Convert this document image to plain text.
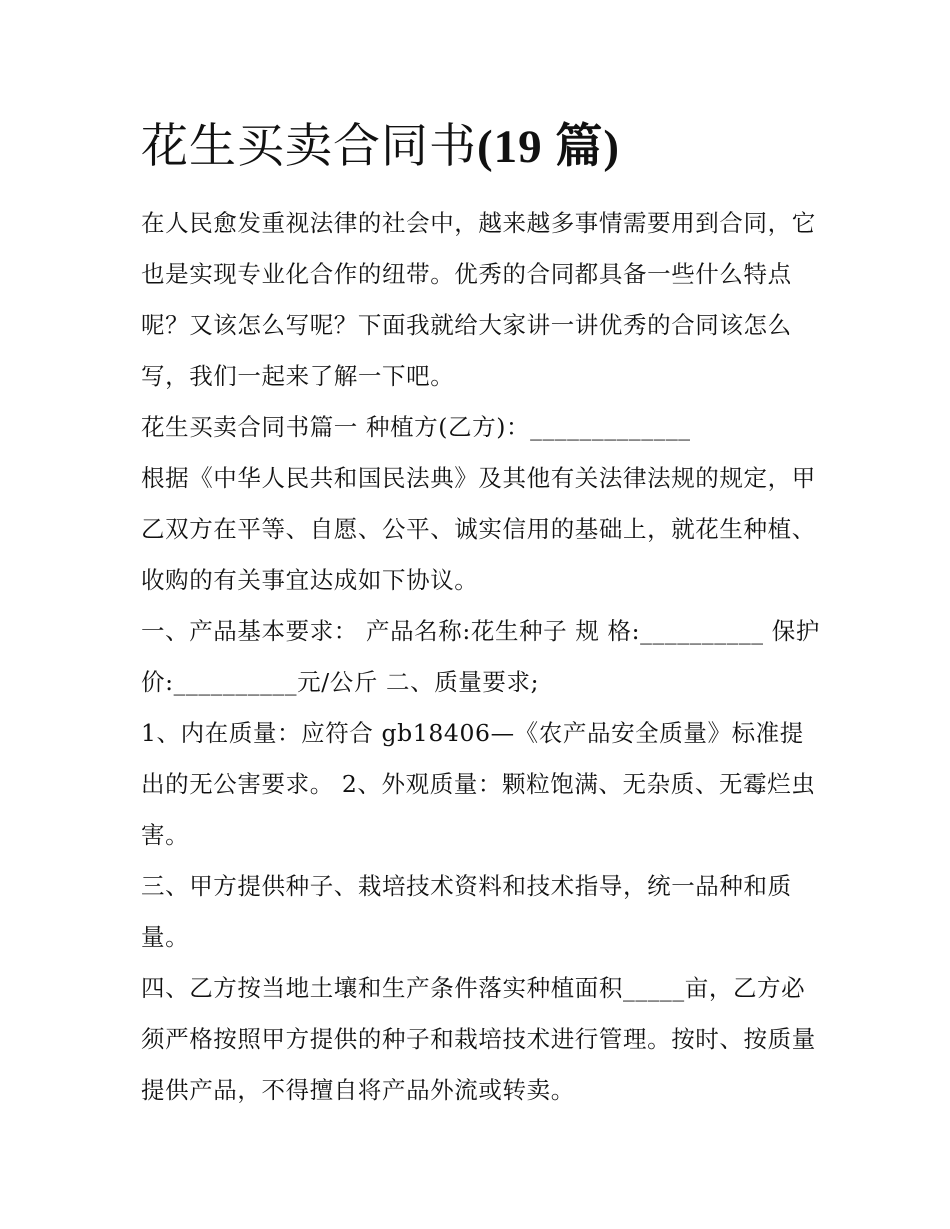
花生买卖合同书(19 篇)

在人民愈发重视法律的社会中，越来越多事情需要用到合同，它也是实现专业化合作的纽带。优秀的合同都具备一些什么特点呢？又该怎么写呢？下面我就给大家讲一讲优秀的合同该怎么写，我们一起来了解一下吧。

花生买卖合同书篇一 种植方(乙方)：_____________

根据《中华人民共和国民法典》及其他有关法律法规的规定，甲乙双方在平等、自愿、公平、诚实信用的基础上，就花生种植、收购的有关事宜达成如下协议。

一、产品基本要求： 产品名称:花生种子 规 格:__________ 保护 价:__________元/公斤 二、质量要求;

1、内在质量：应符合 gb18406—《农产品安全质量》标准提出的无公害要求。 2、外观质量：颗粒饱满、无杂质、无霉烂虫害。

三、甲方提供种子、栽培技术资料和技术指导，统一品种和质量。

四、乙方按当地土壤和生产条件落实种植面积_____亩，乙方必须严格按照甲方提供的种子和栽培技术进行管理。按时、按质量提供产品，不得擅自将产品外流或转卖。
